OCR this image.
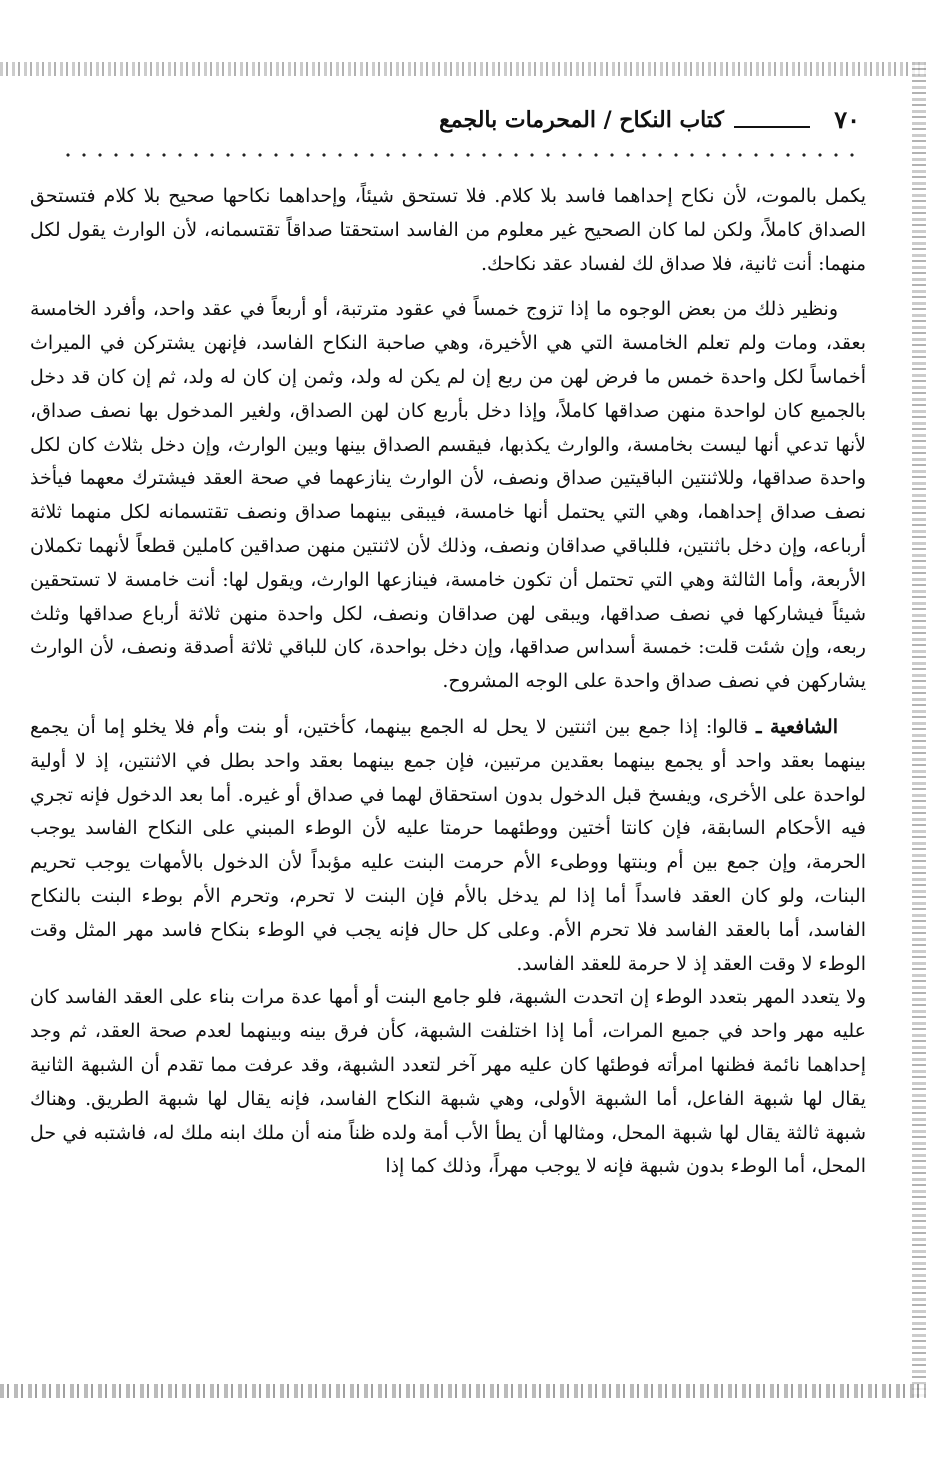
٧٠
كتاب النكاح / المحرمات بالجمع

يكمل بالموت، لأن نكاح إحداهما فاسد بلا كلام. فلا تستحق شيئاً، وإحداهما نكاحها صحيح بلا كلام فتستحق الصداق كاملاً، ولكن لما كان الصحيح غير معلوم من الفاسد استحقتا صداقاً تقتسمانه، لأن الوارث يقول لكل منهما: أنت ثانية، فلا صداق لك لفساد عقد نكاحك.

ونظير ذلك من بعض الوجوه ما إذا تزوج خمساً في عقود مترتبة، أو أربعاً في عقد واحد، وأفرد الخامسة بعقد، ومات ولم تعلم الخامسة التي هي الأخيرة، وهي صاحبة النكاح الفاسد، فإنهن يشتركن في الميراث أخماساً لكل واحدة خمس ما فرض لهن من ربع إن لم يكن له ولد، وثمن إن كان له ولد، ثم إن كان قد دخل بالجميع كان لواحدة منهن صداقها كاملاً، وإذا دخل بأربع كان لهن الصداق، ولغير المدخول بها نصف صداق، لأنها تدعي أنها ليست بخامسة، والوارث يكذبها، فيقسم الصداق بينها وبين الوارث، وإن دخل بثلاث كان لكل واحدة صداقها، وللاثنتين الباقيتين صداق ونصف، لأن الوارث ينازعهما في صحة العقد فيشترك معهما فيأخذ نصف صداق إحداهما، وهي التي يحتمل أنها خامسة، فيبقى بينهما صداق ونصف تقتسمانه لكل منهما ثلاثة أرباعه، وإن دخل باثنتين، فللباقي صداقان ونصف، وذلك لأن لاثنتين منهن صداقين كاملين قطعاً لأنهما تكملان الأربعة، وأما الثالثة وهي التي تحتمل أن تكون خامسة، فينازعها الوارث، ويقول لها: أنت خامسة لا تستحقين شيئاً فيشاركها في نصف صداقها، ويبقى لهن صداقان ونصف، لكل واحدة منهن ثلاثة أرباع صداقها وثلث ربعه، وإن شئت قلت: خمسة أسداس صداقها، وإن دخل بواحدة، كان للباقي ثلاثة أصدقة ونصف، لأن الوارث يشاركهن في نصف صداق واحدة على الوجه المشروح.

الشافعية ـ قالوا: إذا جمع بين اثنتين لا يحل له الجمع بينهما، كأختين، أو بنت وأم فلا يخلو إما أن يجمع بينهما بعقد واحد أو يجمع بينهما بعقدين مرتبين، فإن جمع بينهما بعقد واحد بطل في الاثنتين، إذ لا أولية لواحدة على الأخرى، ويفسخ قبل الدخول بدون استحقاق لهما في صداق أو غيره. أما بعد الدخول فإنه تجري فيه الأحكام السابقة، فإن كانتا أختين ووطئهما حرمتا عليه لأن الوطء المبني على النكاح الفاسد يوجب الحرمة، وإن جمع بين أم وبنتها ووطىء الأم حرمت البنت عليه مؤبداً لأن الدخول بالأمهات يوجب تحريم البنات، ولو كان العقد فاسداً أما إذا لم يدخل بالأم فإن البنت لا تحرم، وتحرم الأم بوطء البنت بالنكاح الفاسد، أما بالعقد الفاسد فلا تحرم الأم. وعلى كل حال فإنه يجب في الوطء بنكاح فاسد مهر المثل وقت الوطء لا وقت العقد إذ لا حرمة للعقد الفاسد.

ولا يتعدد المهر بتعدد الوطء إن اتحدت الشبهة، فلو جامع البنت أو أمها عدة مرات بناء على العقد الفاسد كان عليه مهر واحد في جميع المرات، أما إذا اختلفت الشبهة، كأن فرق بينه وبينهما لعدم صحة العقد، ثم وجد إحداهما نائمة فظنها امرأته فوطئها كان عليه مهر آخر لتعدد الشبهة، وقد عرفت مما تقدم أن الشبهة الثانية يقال لها شبهة الفاعل، أما الشبهة الأولى، وهي شبهة النكاح الفاسد، فإنه يقال لها شبهة الطريق. وهناك شبهة ثالثة يقال لها شبهة المحل، ومثالها أن يطأ الأب أمة ولده ظناً منه أن ملك ابنه ملك له، فاشتبه في حل المحل، أما الوطء بدون شبهة فإنه لا يوجب مهراً، وذلك كما إذا
